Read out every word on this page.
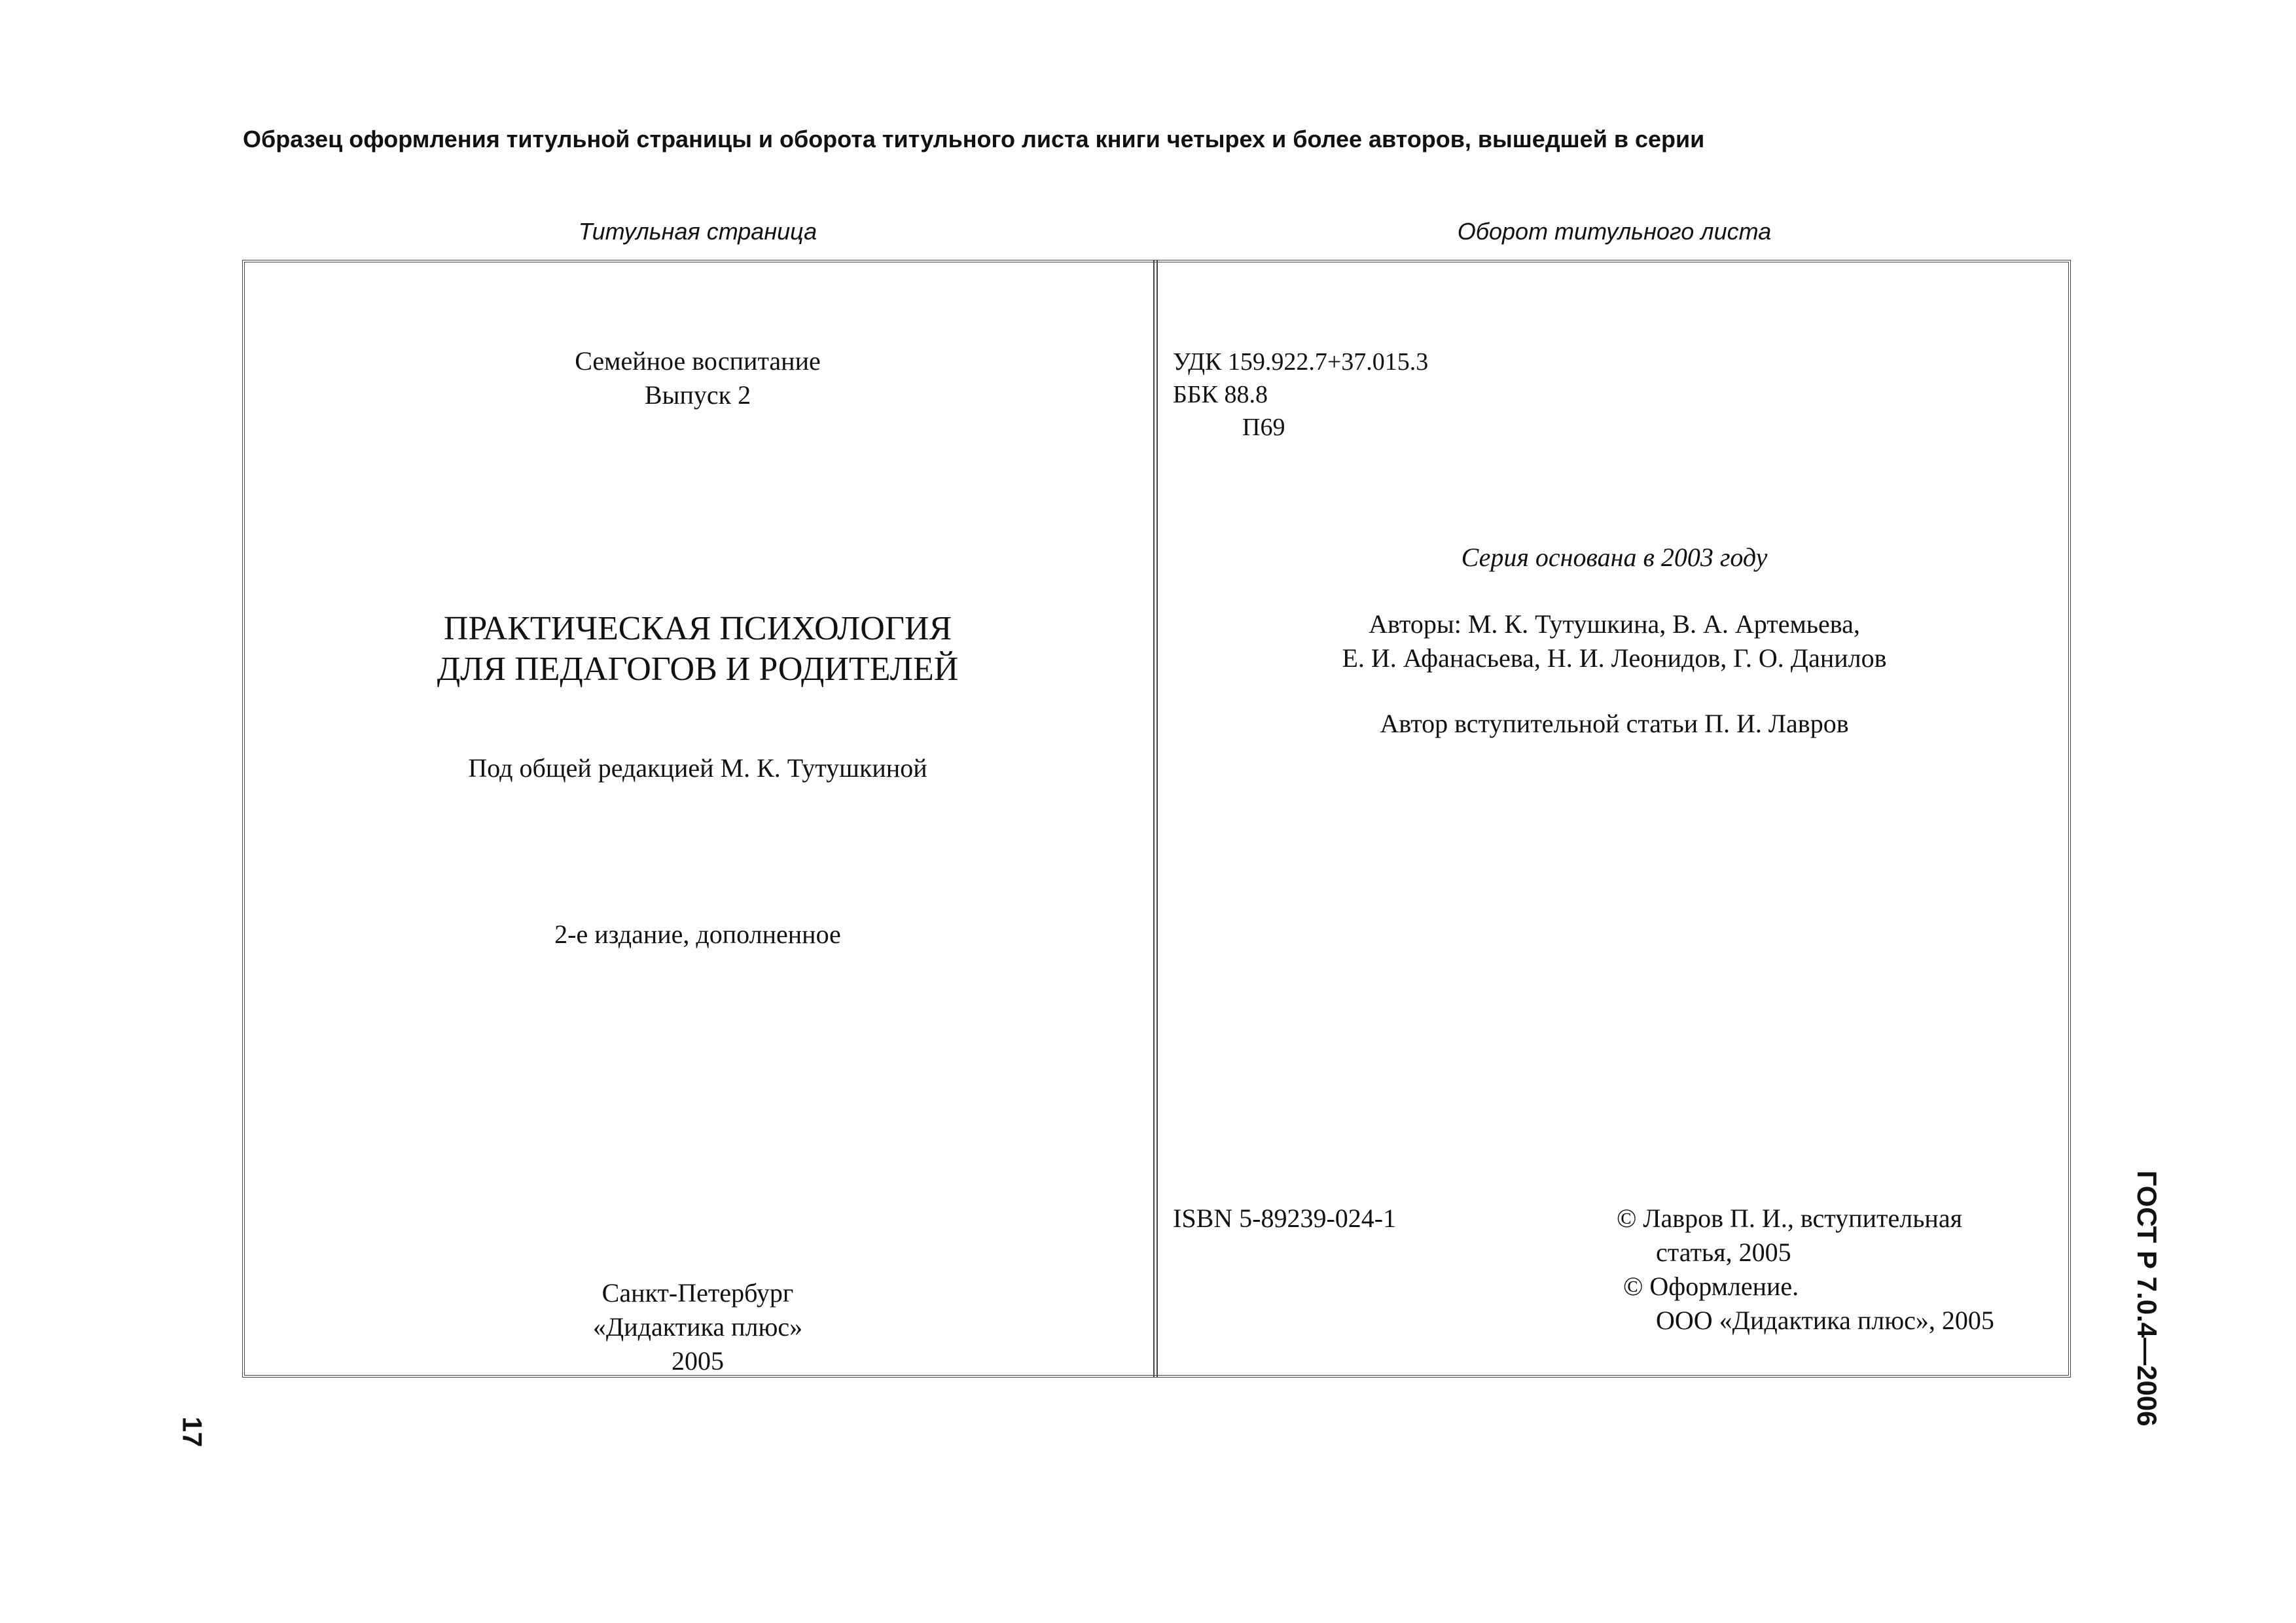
Образец оформления титульной страницы и оборота титульного листа книги четырех и более авторов, вышедшей в серии
Титульная страница	Оборот титульного листа
Семейное воспитание
Выпуск 2
ПРАКТИЧЕСКАЯ ПСИХОЛОГИЯ
ДЛЯ ПЕДАГОГОВ И РОДИТЕЛЕЙ
Под общей редакцией М. К. Тутушкиной
2-е издание, дополненное
Санкт-Петербург
«Дидактика плюс»
2005
УДК 159.922.7+37.015.3
ББК 88.8
П69
Серия основана в 2003 году
Авторы: М. К. Тутушкина, В. А. Артемьева,
Е. И. Афанасьева, Н. И. Леонидов, Г. О. Данилов
Автор вступительной статьи П. И. Лавров
ISBN 5-89239-024-1	© Лавров П. И., вступительная
статья, 2005
© Оформление.
ООО «Дидактика плюс», 2005
17
ГОСТ Р 7.0.4—2006
